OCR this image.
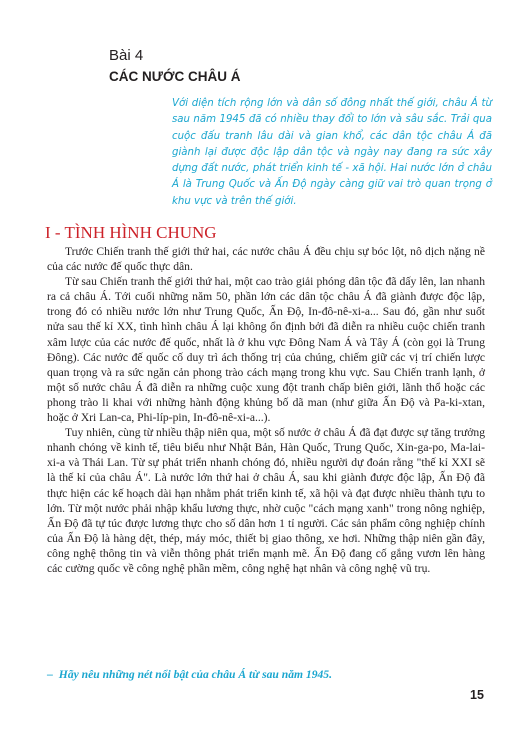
Bài 4
CÁC NƯỚC CHÂU Á

Với diện tích rộng lớn và dân số đông nhất thế giới, châu Á từ sau năm 1945 đã có nhiều thay đổi to lớn và sâu sắc. Trải qua cuộc đấu tranh lâu dài và gian khổ, các dân tộc châu Á đã giành lại được độc lập dân tộc và ngày nay đang ra sức xây dựng đất nước, phát triển kinh tế - xã hội. Hai nước lớn ở châu Á là Trung Quốc và Ấn Độ ngày càng giữ vai trò quan trọng ở khu vực và trên thế giới.

I - TÌNH HÌNH CHUNG

Trước Chiến tranh thế giới thứ hai, các nước châu Á đều chịu sự bóc lột, nô dịch nặng nề của các nước đế quốc thực dân.

Từ sau Chiến tranh thế giới thứ hai, một cao trào giải phóng dân tộc đã dấy lên, lan nhanh ra cả châu Á. Tới cuối những năm 50, phần lớn các dân tộc châu Á đã giành được độc lập, trong đó có nhiều nước lớn như Trung Quốc, Ấn Độ, In-đô-nê-xi-a... Sau đó, gần như suốt nửa sau thế kỉ XX, tình hình châu Á lại không ổn định bởi đã diễn ra nhiều cuộc chiến tranh xâm lược của các nước đế quốc, nhất là ở khu vực Đông Nam Á và Tây Á (còn gọi là Trung Đông). Các nước đế quốc cố duy trì ách thống trị của chúng, chiếm giữ các vị trí chiến lược quan trọng và ra sức ngăn cản phong trào cách mạng trong khu vực. Sau Chiến tranh lạnh, ở một số nước châu Á đã diễn ra những cuộc xung đột tranh chấp biên giới, lãnh thổ hoặc các phong trào li khai với những hành động khủng bố dã man (như giữa Ấn Độ và Pa-ki-xtan, hoặc ở Xri Lan-ca, Phi-líp-pin, In-đô-nê-xi-a...).

Tuy nhiên, cùng từ nhiều thập niên qua, một số nước ở châu Á đã đạt được sự tăng trưởng nhanh chóng về kinh tế, tiêu biểu như Nhật Bản, Hàn Quốc, Trung Quốc, Xin-ga-po, Ma-lai-xi-a và Thái Lan. Từ sự phát triển nhanh chóng đó, nhiều người dự đoán rằng "thế kỉ XXI sẽ là thế kỉ của châu Á". Là nước lớn thứ hai ở châu Á, sau khi giành được độc lập, Ấn Độ đã thực hiện các kế hoạch dài hạn nhằm phát triển kinh tế, xã hội và đạt được nhiều thành tựu to lớn. Từ một nước phải nhập khẩu lương thực, nhờ cuộc "cách mạng xanh" trong nông nghiệp, Ấn Độ đã tự túc được lương thực cho số dân hơn 1 tỉ người. Các sản phẩm công nghiệp chính của Ấn Độ là hàng dệt, thép, máy móc, thiết bị giao thông, xe hơi. Những thập niên gần đây, công nghệ thông tin và viễn thông phát triển mạnh mẽ. Ấn Độ đang cố gắng vươn lên hàng các cường quốc về công nghệ phần mềm, công nghệ hạt nhân và công nghệ vũ trụ.

– Hãy nêu những nét nổi bật của châu Á từ sau năm 1945.
15
